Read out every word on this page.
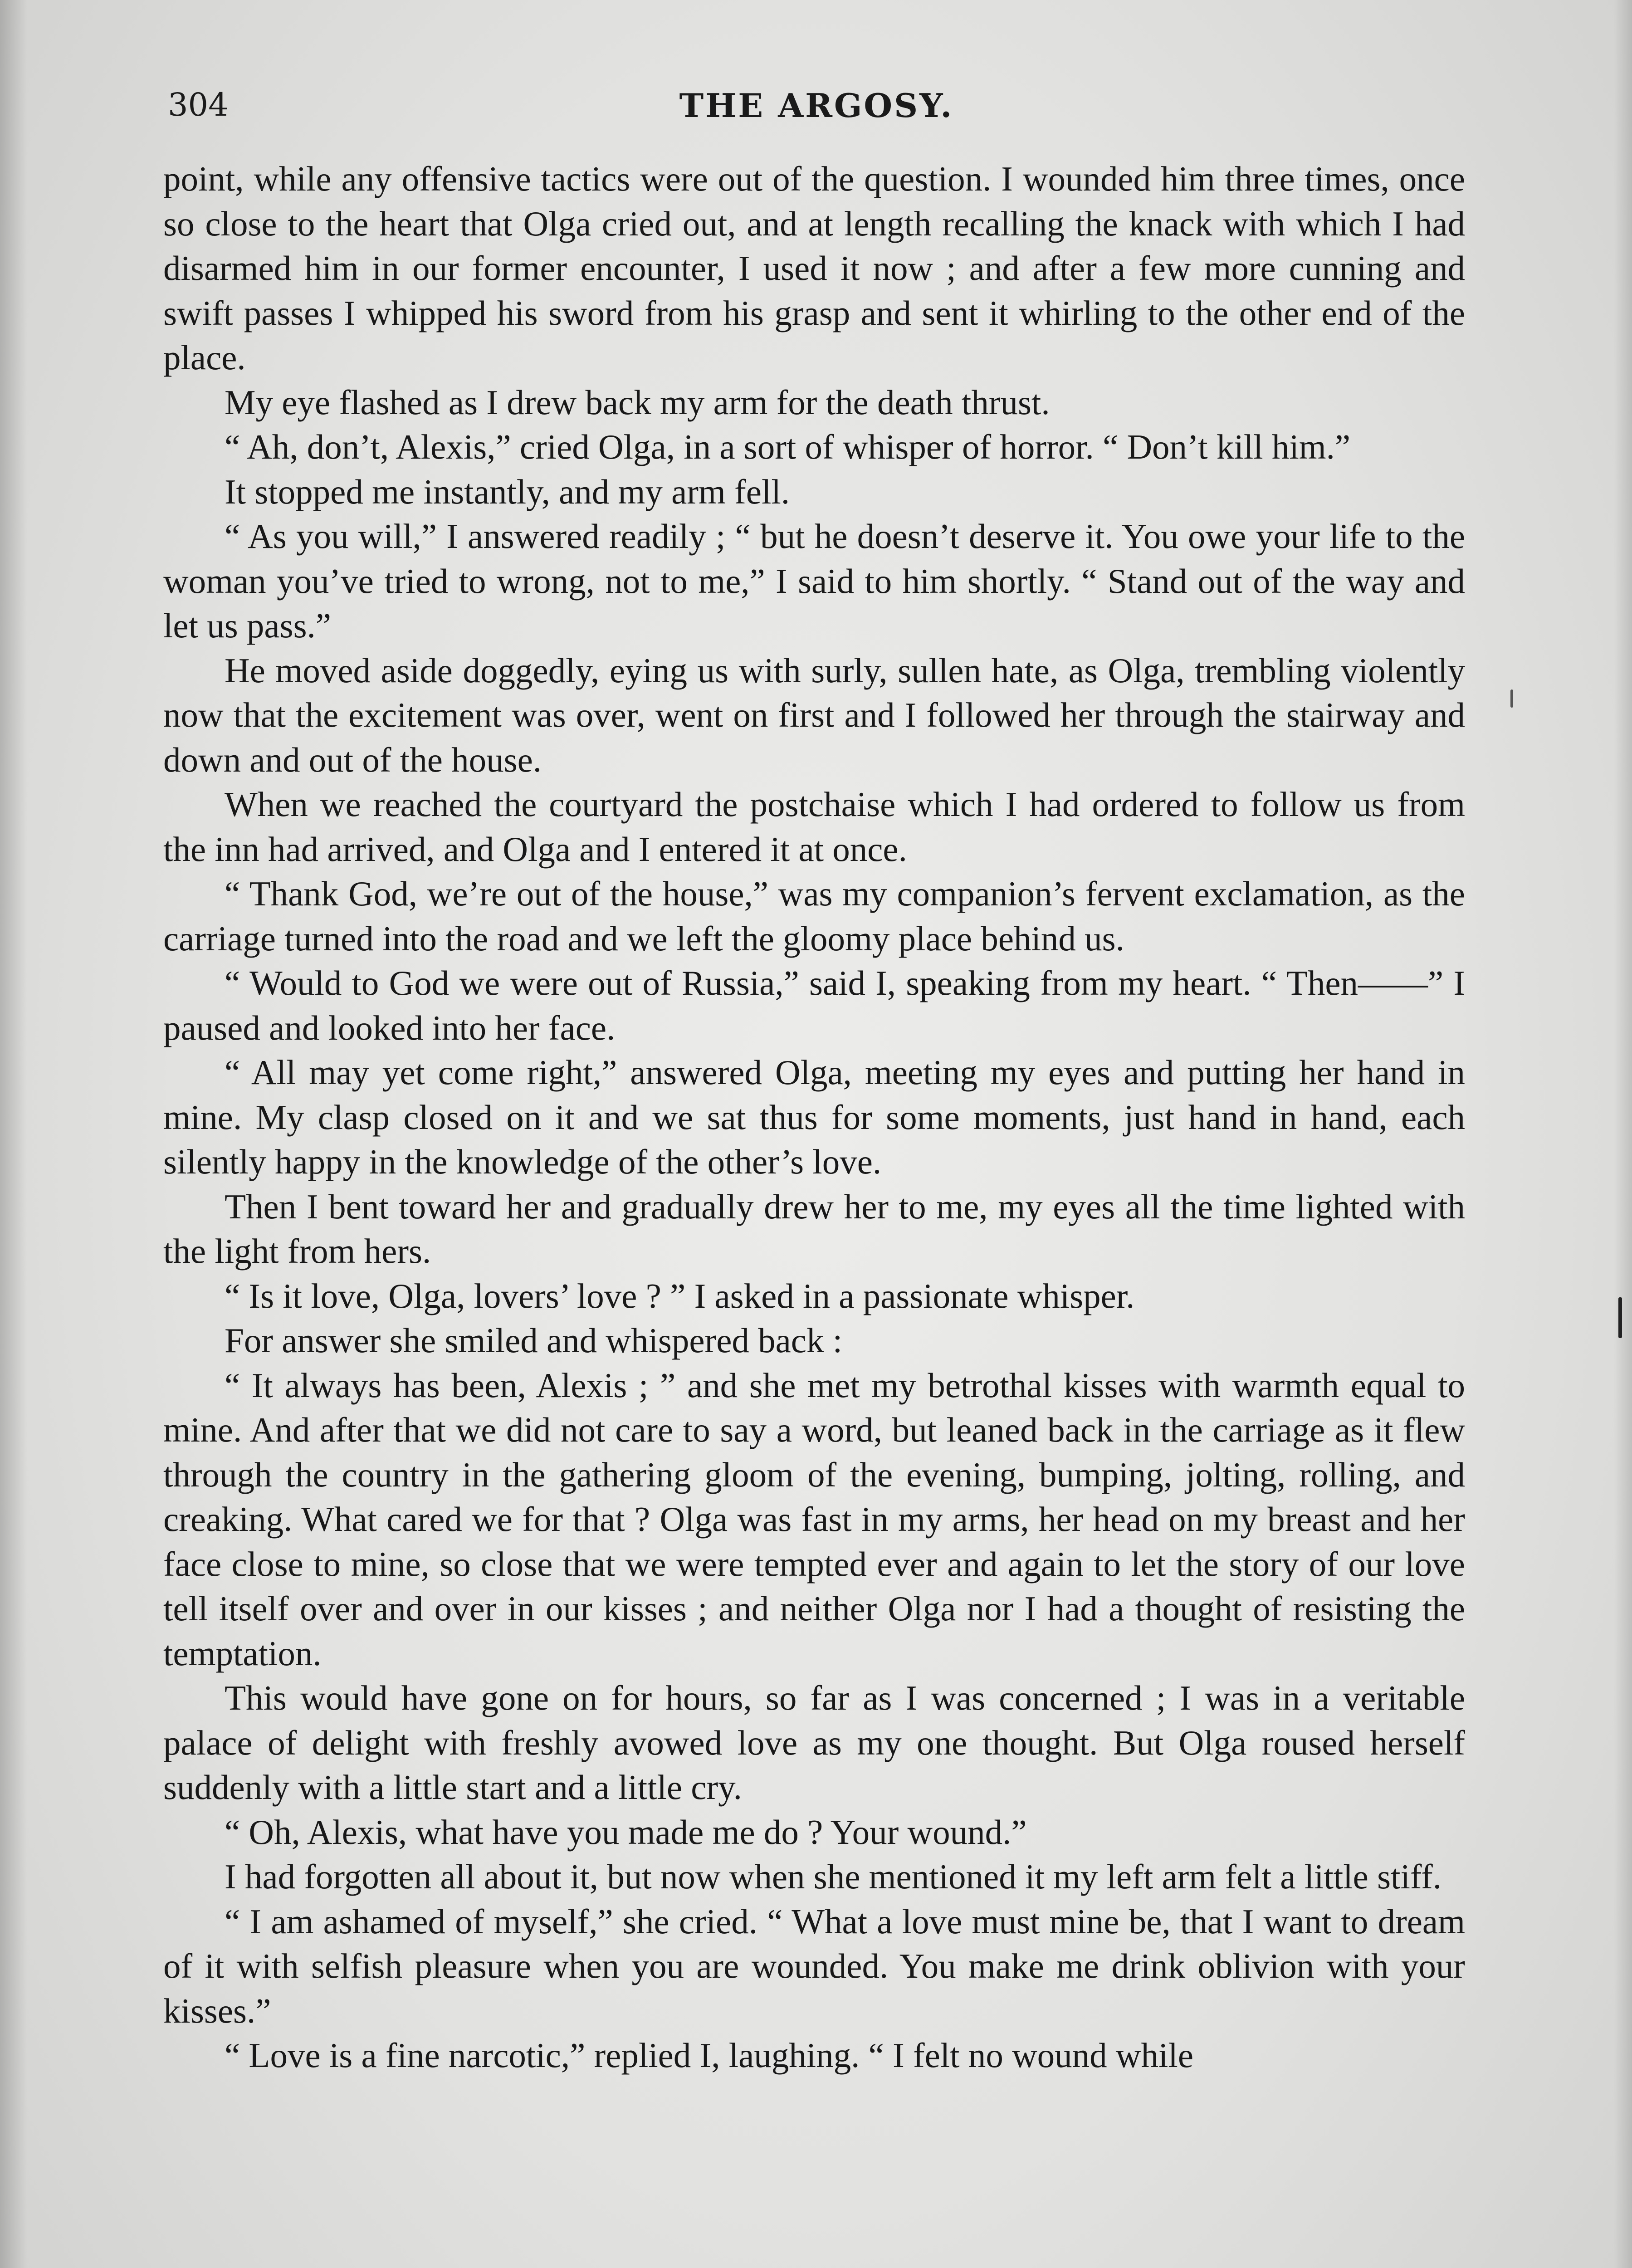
304	THE ARGOSY.

point, while any offensive tactics were out of the question. I wounded him three times, once so close to the heart that Olga cried out, and at length recalling the knack with which I had disarmed him in our former encounter, I used it now ; and after a few more cunning and swift passes I whipped his sword from his grasp and sent it whirling to the other end of the place.

My eye flashed as I drew back my arm for the death thrust.

“ Ah, don’t, Alexis,” cried Olga, in a sort of whisper of horror. “ Don’t kill him.”

It stopped me instantly, and my arm fell.

“ As you will,” I answered readily ; “ but he doesn’t deserve it. You owe your life to the woman you’ve tried to wrong, not to me,” I said to him shortly. “ Stand out of the way and let us pass.”

He moved aside doggedly, eying us with surly, sullen hate, as Olga, trembling violently now that the excitement was over, went on first and I followed her through the stairway and down and out of the house.

When we reached the courtyard the postchaise which I had ordered to follow us from the inn had arrived, and Olga and I entered it at once.

“ Thank God, we’re out of the house,” was my companion’s fervent exclamation, as the carriage turned into the road and we left the gloomy place behind us.

“ Would to God we were out of Russia,” said I, speaking from my heart. “ Then——” I paused and looked into her face.

“ All may yet come right,” answered Olga, meeting my eyes and putting her hand in mine. My clasp closed on it and we sat thus for some moments, just hand in hand, each silently happy in the knowledge of the other’s love.

Then I bent toward her and gradually drew her to me, my eyes all the time lighted with the light from hers.

“ Is it love, Olga, lovers’ love ? ” I asked in a passionate whisper.

For answer she smiled and whispered back :

“ It always has been, Alexis ; ” and she met my betrothal kisses with warmth equal to mine. And after that we did not care to say a word, but leaned back in the carriage as it flew through the country in the gathering gloom of the evening, bumping, jolting, rolling, and creaking. What cared we for that ? Olga was fast in my arms, her head on my breast and her face close to mine, so close that we were tempted ever and again to let the story of our love tell itself over and over in our kisses ; and neither Olga nor I had a thought of resisting the temptation.

This would have gone on for hours, so far as I was concerned ; I was in a veritable palace of delight with freshly avowed love as my one thought. But Olga roused herself suddenly with a little start and a little cry.

“ Oh, Alexis, what have you made me do ? Your wound.”

I had forgotten all about it, but now when she mentioned it my left arm felt a little stiff.

“ I am ashamed of myself,” she cried. “ What a love must mine be, that I want to dream of it with selfish pleasure when you are wounded. You make me drink oblivion with your kisses.”

“ Love is a fine narcotic,” replied I, laughing. “ I felt no wound while
